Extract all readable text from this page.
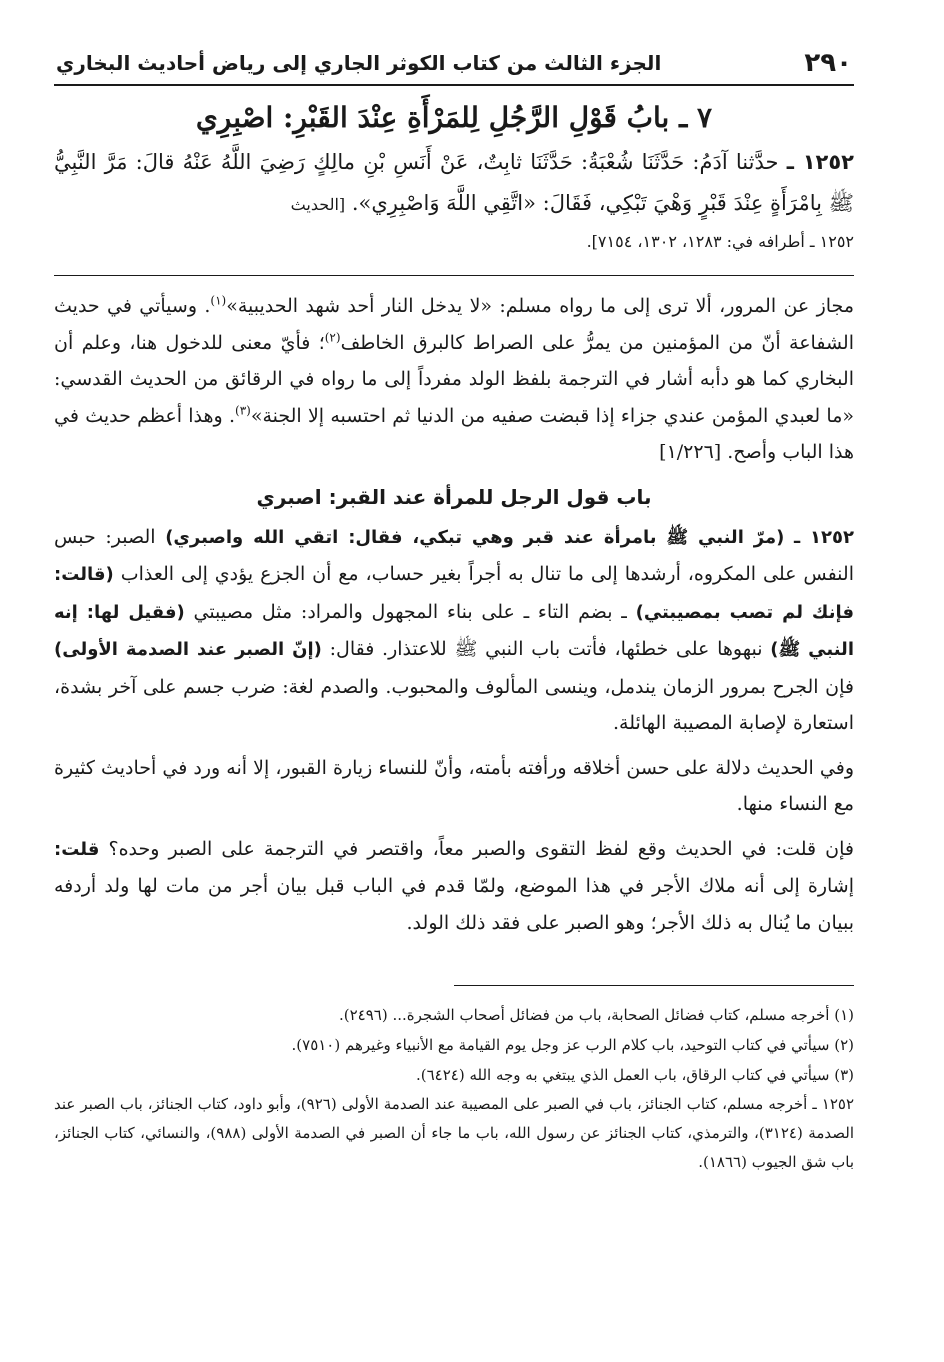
٢٩٠
الجزء الثالث من كتاب الكوثر الجاري إلى رياض أحاديث البخاري
٧ ـ بابُ قَوْلِ الرَّجُلِ لِلمَرْأَةِ عِنْدَ القَبْرِ: اصْبِرِي
١٢٥٢ ـ حدَّثنا آدَمُ: حَدَّثَنَا شُعْبَةُ: حَدَّثَنَا ثابِتٌ، عَنْ أَنَسِ بْنِ مالِكٍ رَضِيَ اللَّهُ عَنْهُ قالَ: مَرَّ النَّبِيُّ ﷺ بِامْرَأَةٍ عِنْدَ قَبْرٍ وَهْيَ تَبْكِي، فَقَالَ: «اتَّقِي اللَّهَ وَاصْبِرِي». [الحديث
١٢٥٢ ـ أطرافه في: ١٢٨٣، ١٣٠٢، ٧١٥٤].

مجاز عن المرور، ألا ترى إلى ما رواه مسلم: «لا يدخل النار أحد شهد الحديبية»$^{(١)}$. وسيأتي في حديث الشفاعة أنّ من المؤمنين من يمرُّ على الصراط كالبرق الخاطف$^{(٢)}$؛ فأيّ معنى للدخول هنا، وعلم أن البخاري كما هو دأبه أشار في الترجمة بلفظ الولد مفرداً إلى ما رواه في الرقائق من الحديث القدسي: «ما لعبدي المؤمن عندي جزاء إذا قبضت صفيه من الدنيا ثم احتسبه إلا الجنة»$^{(٣)}$. وهذا أعظم حديث في هذا الباب وأصح. [١/٢٢٦]

باب قول الرجل للمرأة عند القبر: اصبري

١٢٥٢ ـ (مرّ النبي ﷺ بامرأة عند قبر وهي تبكي، فقال: اتقي الله واصبري) الصبر: حبس النفس على المكروه، أرشدها إلى ما تنال به أجراً بغير حساب، مع أن الجزع يؤدي إلى العذاب (قالت: فإنك لم تصب بمصيبتي) ـ بضم التاء ـ على بناء المجهول والمراد: مثل مصيبتي (فقيل لها: إنه النبي ﷺ) نبهوها على خطئها، فأتت باب النبي ﷺ للاعتذار. فقال: (إنّ الصبر عند الصدمة الأولى) فإن الجرح بمرور الزمان يندمل، وينسى المألوف والمحبوب. والصدم لغة: ضرب جسم على آخر بشدة، استعارة لإصابة المصيبة الهائلة.

وفي الحديث دلالة على حسن أخلاقه ورأفته بأمته، وأنّ للنساء زيارة القبور، إلا أنه ورد في أحاديث كثيرة مع النساء منها.

فإن قلت: في الحديث وقع لفظ التقوى والصبر معاً، واقتصر في الترجمة على الصبر وحده؟ قلت: إشارة إلى أنه ملاك الأجر في هذا الموضع، ولمّا قدم في الباب قبل بيان أجر من مات لها ولد أردفه ببيان ما يُنال به ذلك الأجر؛ وهو الصبر على فقد ذلك الولد.

(١) أخرجه مسلم، كتاب فضائل الصحابة، باب من فضائل أصحاب الشجرة... (٢٤٩٦).

(٢) سيأتي في كتاب التوحيد، باب كلام الرب عز وجل يوم القيامة مع الأنبياء وغيرهم (٧٥١٠).

(٣) سيأتي في كتاب الرقاق، باب العمل الذي يبتغي به وجه الله (٦٤٢٤).

١٢٥٢ ـ أخرجه مسلم، كتاب الجنائز، باب في الصبر على المصيبة عند الصدمة الأولى (٩٢٦)، وأبو داود، كتاب الجنائز، باب الصبر عند الصدمة (٣١٢٤)، والترمذي، كتاب الجنائز عن رسول الله، باب ما جاء أن الصبر في الصدمة الأولى (٩٨٨)، والنسائي، كتاب الجنائز، باب شق الجيوب (١٨٦٦).
